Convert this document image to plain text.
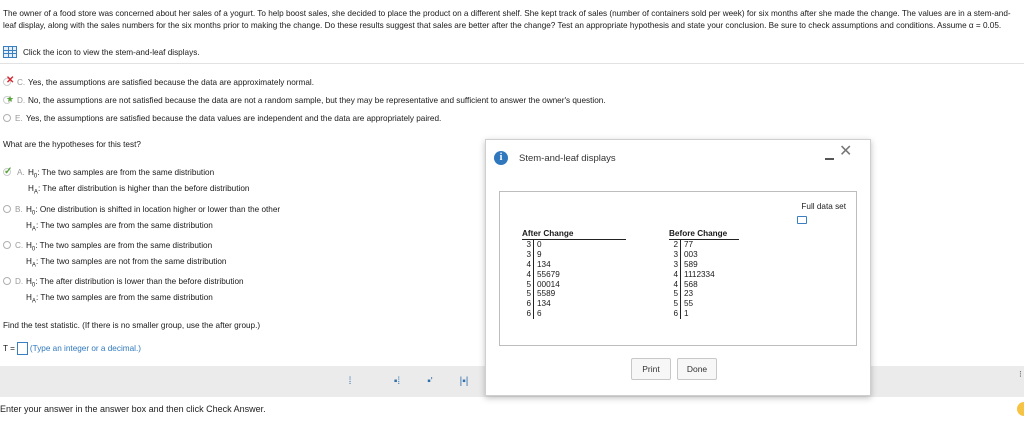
The owner of a food store was concerned about her sales of a yogurt. To help boost sales, she decided to place the product on a different shelf. She kept track of sales (number of containers sold per week) for six months after she made the change. The values are in a stem-and-leaf display, along with the sales numbers for the six months prior to making the change. Do these results suggest that sales are better after the change? Test an appropriate hypothesis and state your conclusion. Be sure to check assumptions and conditions. Assume α = 0.05.
Click the icon to view the stem-and-leaf displays.
✕ C. Yes, the assumptions are satisfied because the data are approximately normal.
★ D. No, the assumptions are not satisfied because the data are not a random sample, but they may be representative and sufficient to answer the owner's question.
E. Yes, the assumptions are satisfied because the data values are independent and the data are appropriately paired.
What are the hypotheses for this test?
✓ A. $H_0$: The two samples are from the same distribution
$H_A$: The after distribution is higher than the before distribution
B. $H_0$: One distribution is shifted in location higher or lower than the other
$H_A$: The two samples are from the same distribution
C. $H_0$: The two samples are from the same distribution
$H_A$: The two samples are not from the same distribution
D. $H_0$: The after distribution is lower than the before distribution
$H_A$: The two samples are from the same distribution
Find the test statistic. (If there is no smaller group, use the after group.)
T = (Type an integer or a decimal.)
⁞	▪⁞	▪'	|▪|
⁝
Enter your answer in the answer box and then click Check Answer.
i	Stem-and-leaf displays	✕
Full data set
After Change
3 0
3 9
4 134
4 55679
5 00014
5 5589
6 134
6 6
Before Change
2 77
3 003
3 589
4 1112334
4 568
5 23
5 55
6 1
Print	Done
